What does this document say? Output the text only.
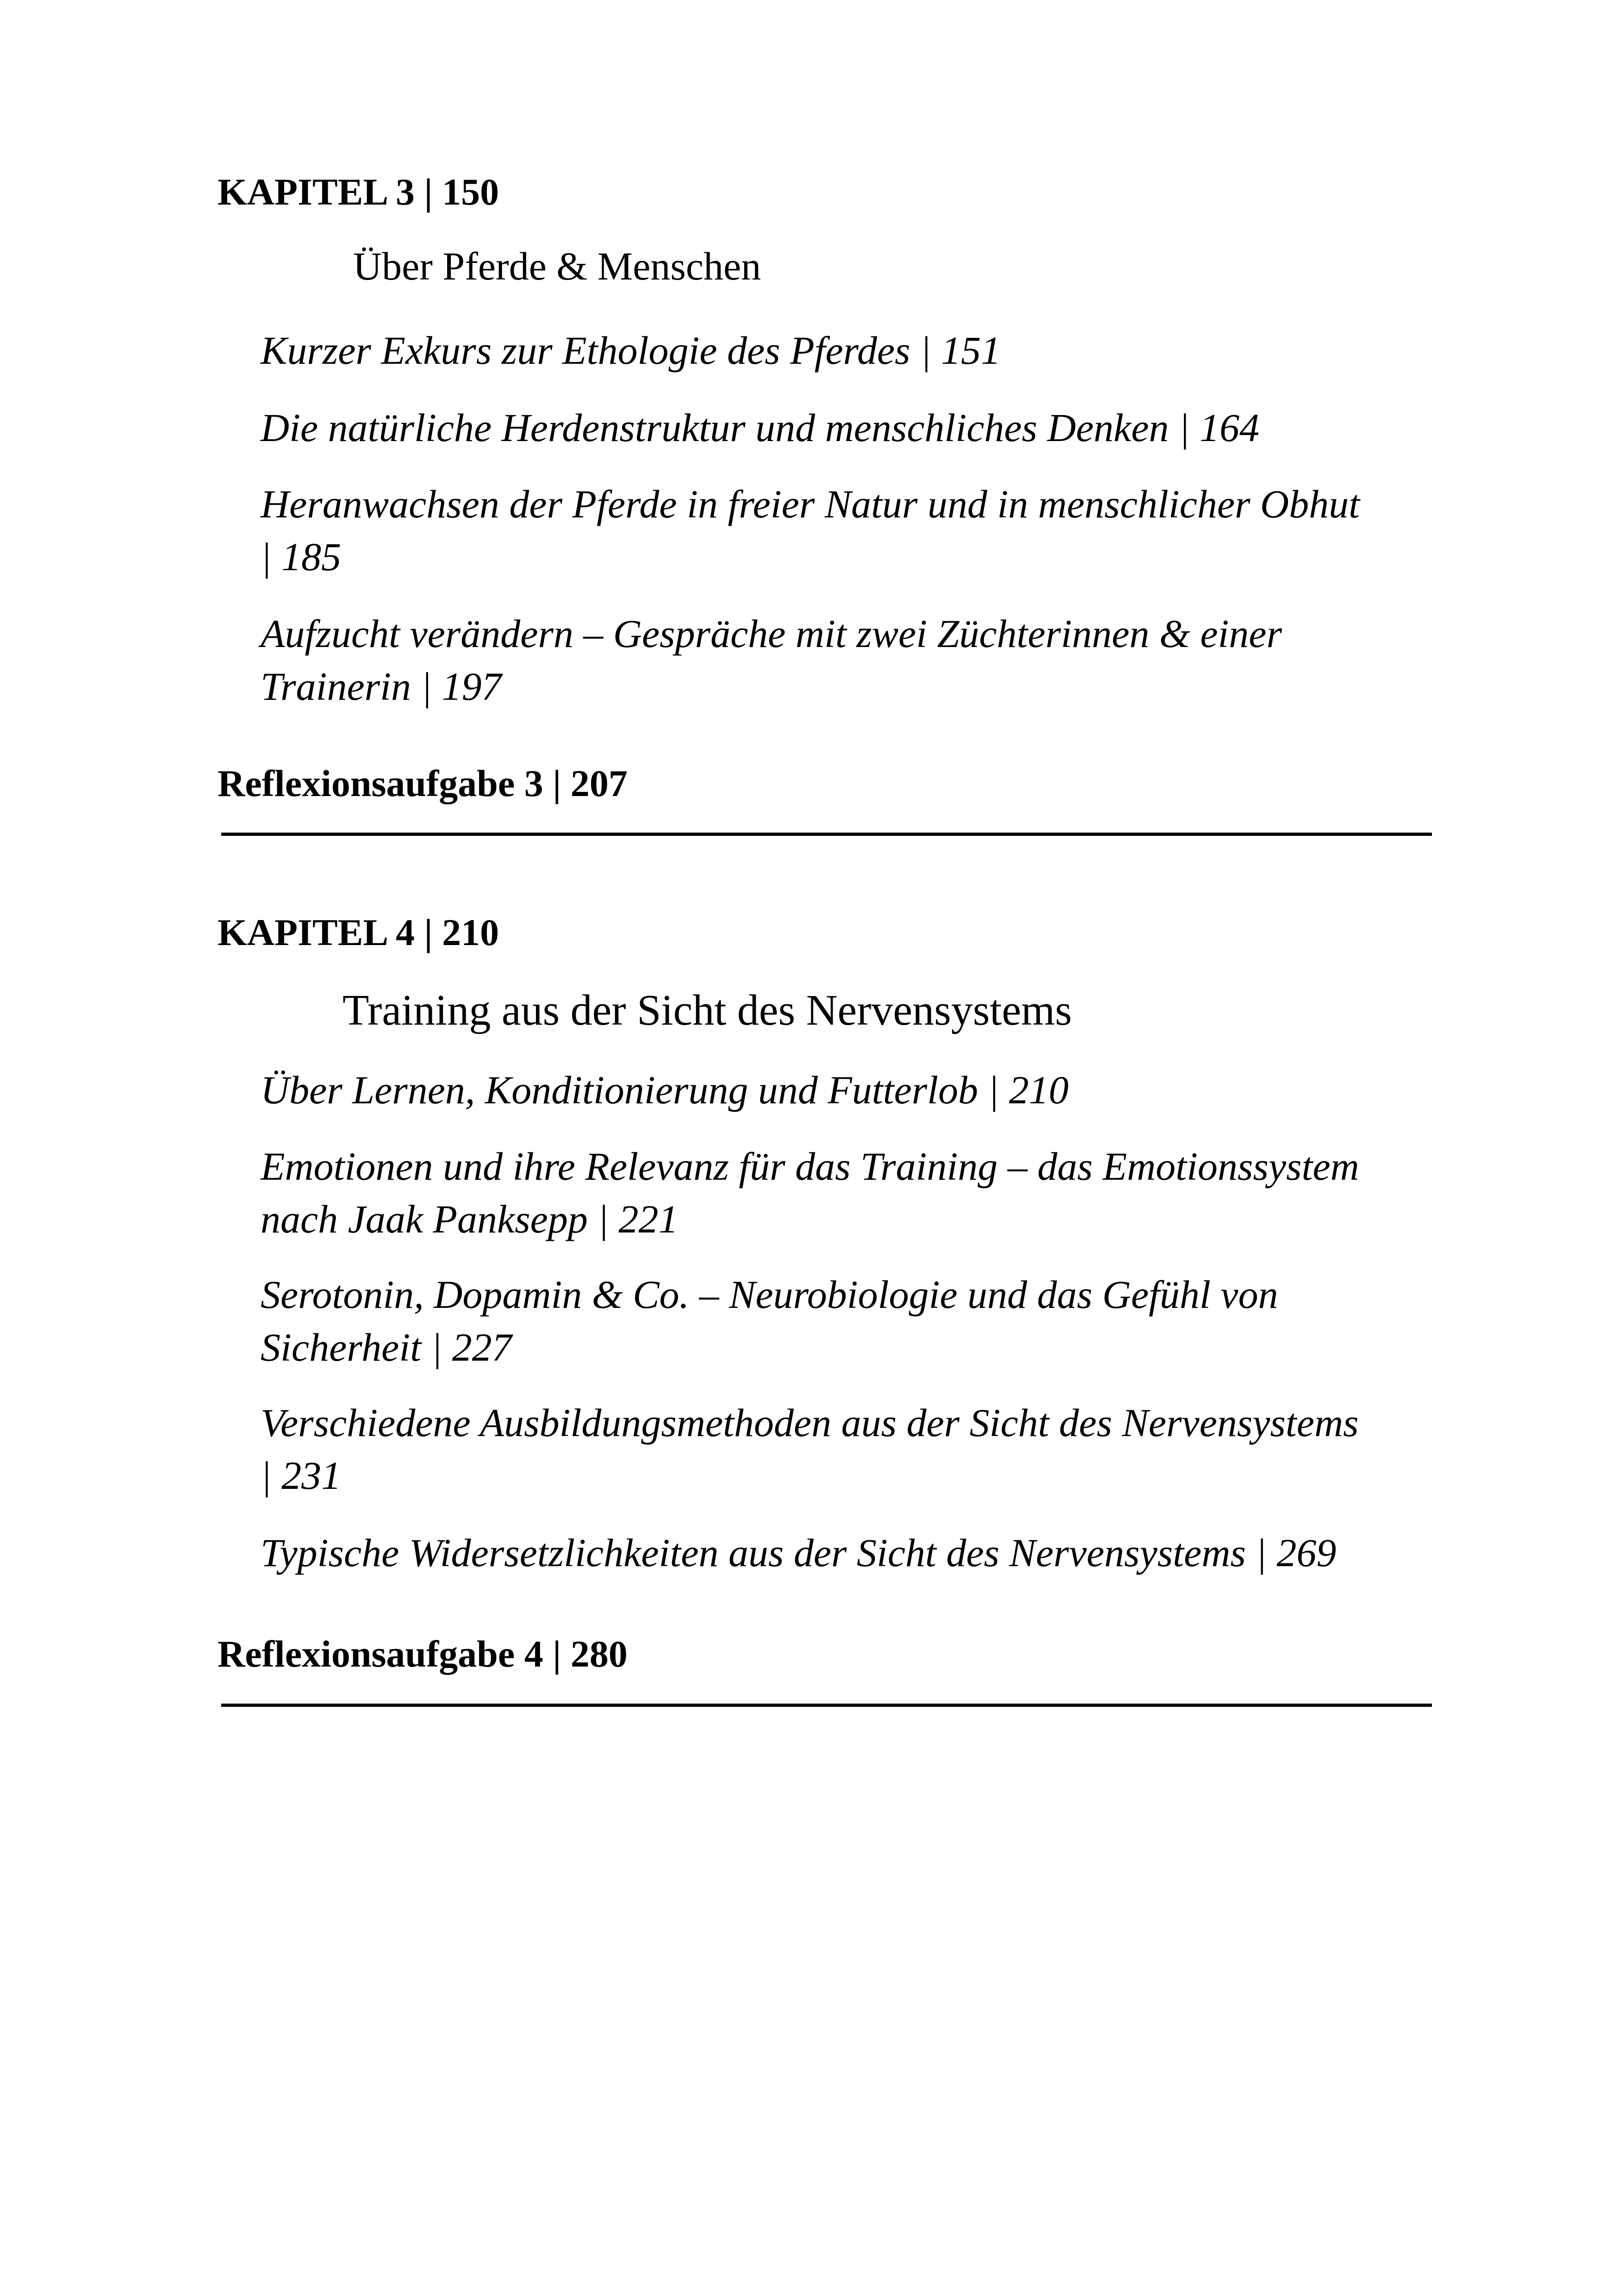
KAPITEL 3 | 150
Über Pferde & Menschen
Kurzer Exkurs zur Ethologie des Pferdes | 151
Die natürliche Herdenstruktur und menschliches Denken | 164
Heranwachsen der Pferde in freier Natur und in menschlicher Obhut
| 185
Aufzucht verändern – Gespräche mit zwei Züchterinnen & einer
Trainerin | 197
Reflexionsaufgabe 3 | 207
KAPITEL 4 | 210
Training aus der Sicht des Nervensystems
Über Lernen, Konditionierung und Futterlob | 210
Emotionen und ihre Relevanz für das Training – das Emotionssystem
nach Jaak Panksepp | 221
Serotonin, Dopamin & Co. – Neurobiologie und das Gefühl von
Sicherheit | 227
Verschiedene Ausbildungsmethoden aus der Sicht des Nervensystems
| 231
Typische Widersetzlichkeiten aus der Sicht des Nervensystems | 269
Reflexionsaufgabe 4 | 280
